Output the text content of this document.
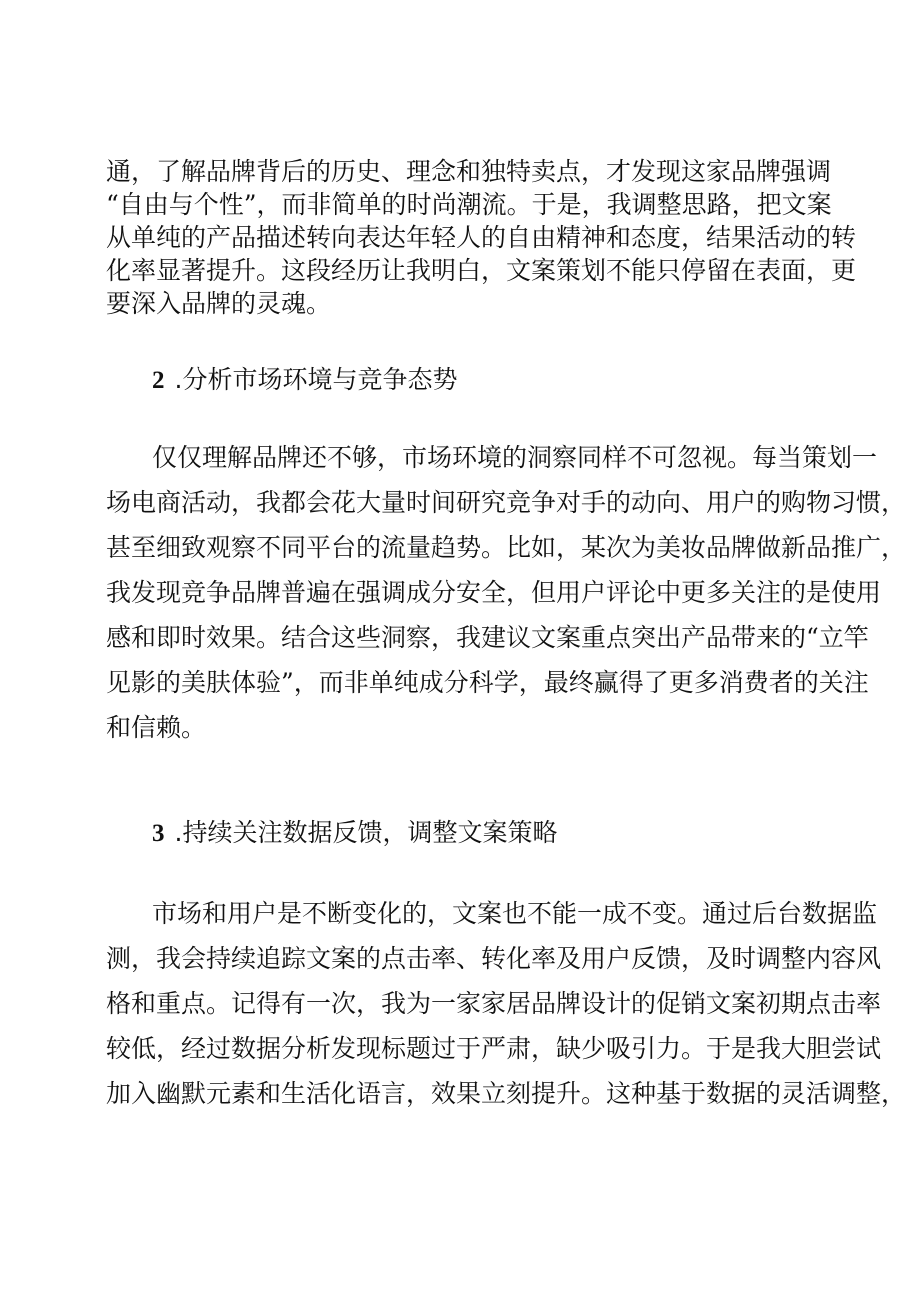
通，了解品牌背后的历史、理念和独特卖点，才发现这家品牌强调

“自由与个性”，而非简单的时尚潮流。于是，我调整思路，把文案

从单纯的产品描述转向表达年轻人的自由精神和态度，结果活动的转

化率显著提升。这段经历让我明白，文案策划不能只停留在表面，更

要深入品牌的灵魂。

2 .分析市场环境与竞争态势

仅仅理解品牌还不够，市场环境的洞察同样不可忽视。每当策划一

场电商活动，我都会花大量时间研究竞争对手的动向、用户的购物习惯，

甚至细致观察不同平台的流量趋势。比如，某次为美妆品牌做新品推广，

我发现竞争品牌普遍在强调成分安全，但用户评论中更多关注的是使用

感和即时效果。结合这些洞察，我建议文案重点突出产品带来的“立竿

见影的美肤体验”，而非单纯成分科学，最终赢得了更多消费者的关注

和信赖。

3 .持续关注数据反馈，调整文案策略

市场和用户是不断变化的，文案也不能一成不变。通过后台数据监

测，我会持续追踪文案的点击率、转化率及用户反馈，及时调整内容风

格和重点。记得有一次，我为一家家居品牌设计的促销文案初期点击率

较低，经过数据分析发现标题过于严肃，缺少吸引力。于是我大胆尝试

加入幽默元素和生活化语言，效果立刻提升。这种基于数据的灵活调整，
